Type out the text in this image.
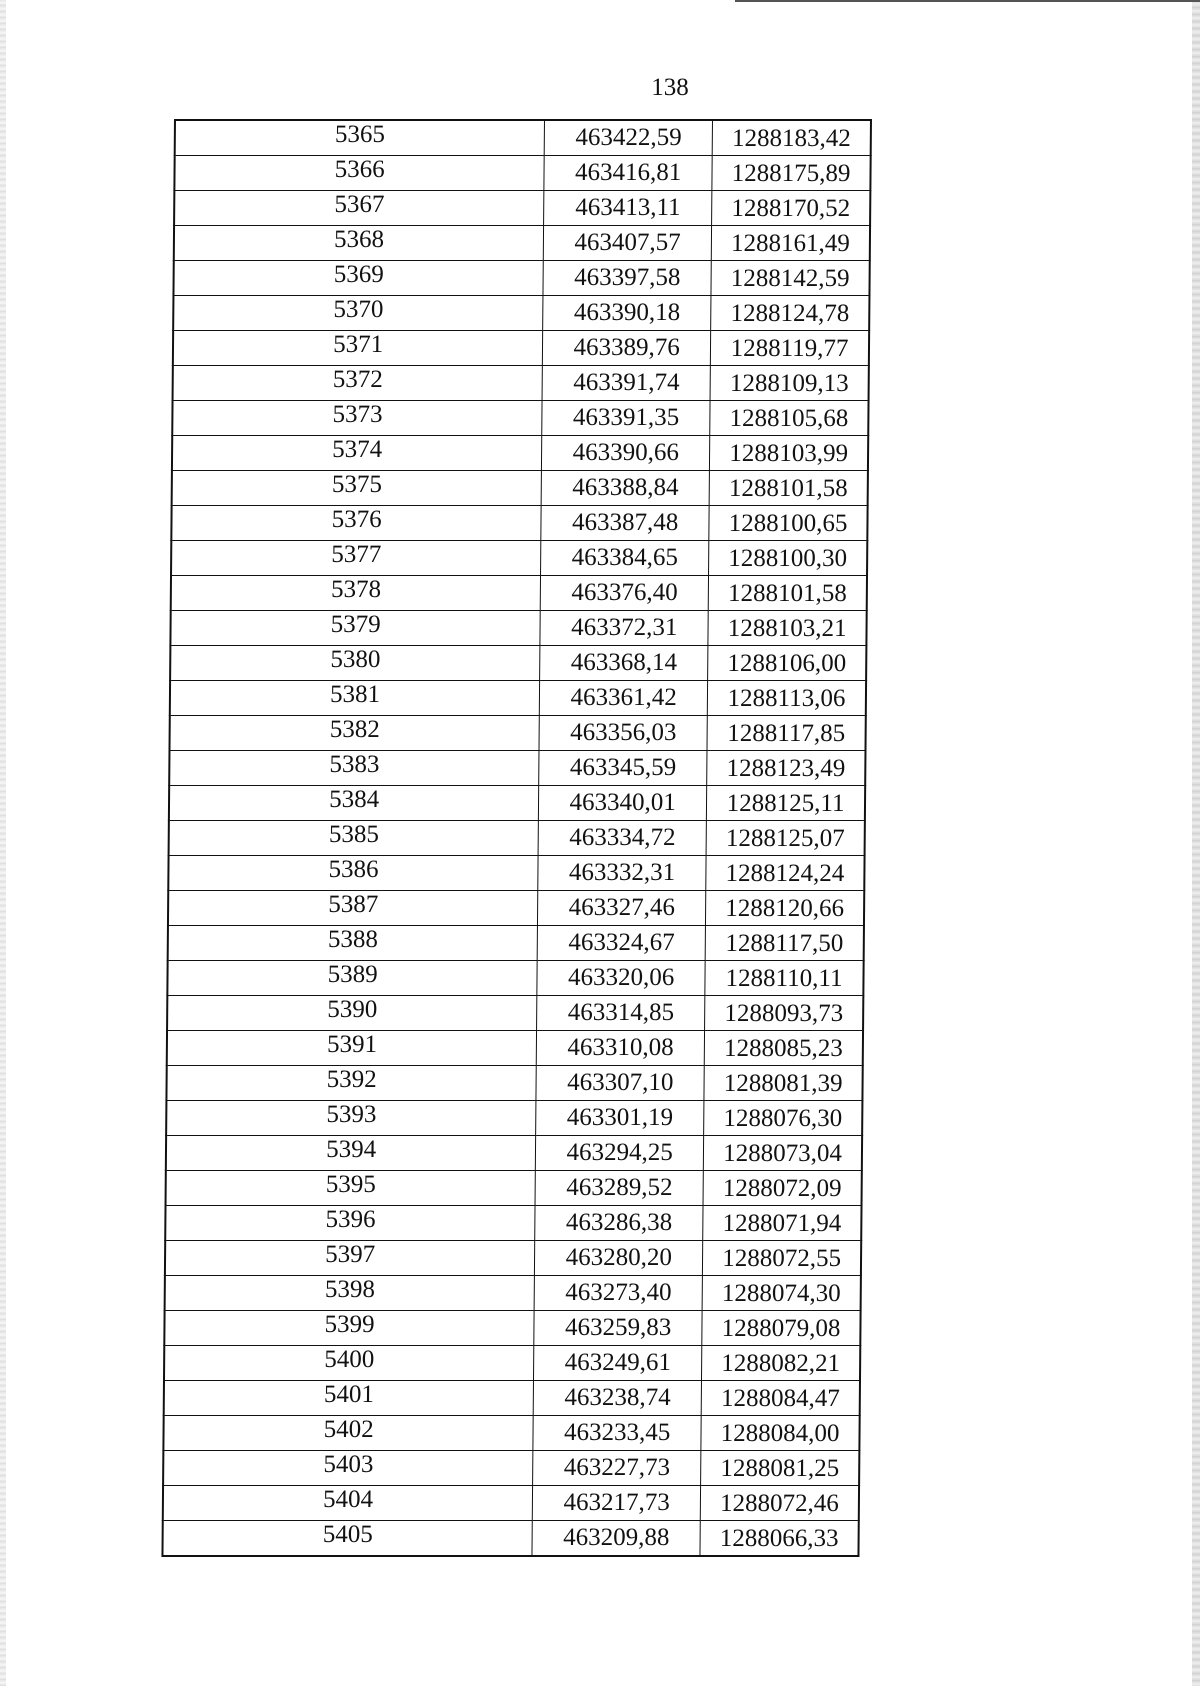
138
5365	463422,59	1288183,42
5366	463416,81	1288175,89
5367	463413,11	1288170,52
5368	463407,57	1288161,49
5369	463397,58	1288142,59
5370	463390,18	1288124,78
5371	463389,76	1288119,77
5372	463391,74	1288109,13
5373	463391,35	1288105,68
5374	463390,66	1288103,99
5375	463388,84	1288101,58
5376	463387,48	1288100,65
5377	463384,65	1288100,30
5378	463376,40	1288101,58
5379	463372,31	1288103,21
5380	463368,14	1288106,00
5381	463361,42	1288113,06
5382	463356,03	1288117,85
5383	463345,59	1288123,49
5384	463340,01	1288125,11
5385	463334,72	1288125,07
5386	463332,31	1288124,24
5387	463327,46	1288120,66
5388	463324,67	1288117,50
5389	463320,06	1288110,11
5390	463314,85	1288093,73
5391	463310,08	1288085,23
5392	463307,10	1288081,39
5393	463301,19	1288076,30
5394	463294,25	1288073,04
5395	463289,52	1288072,09
5396	463286,38	1288071,94
5397	463280,20	1288072,55
5398	463273,40	1288074,30
5399	463259,83	1288079,08
5400	463249,61	1288082,21
5401	463238,74	1288084,47
5402	463233,45	1288084,00
5403	463227,73	1288081,25
5404	463217,73	1288072,46
5405	463209,88	1288066,33
